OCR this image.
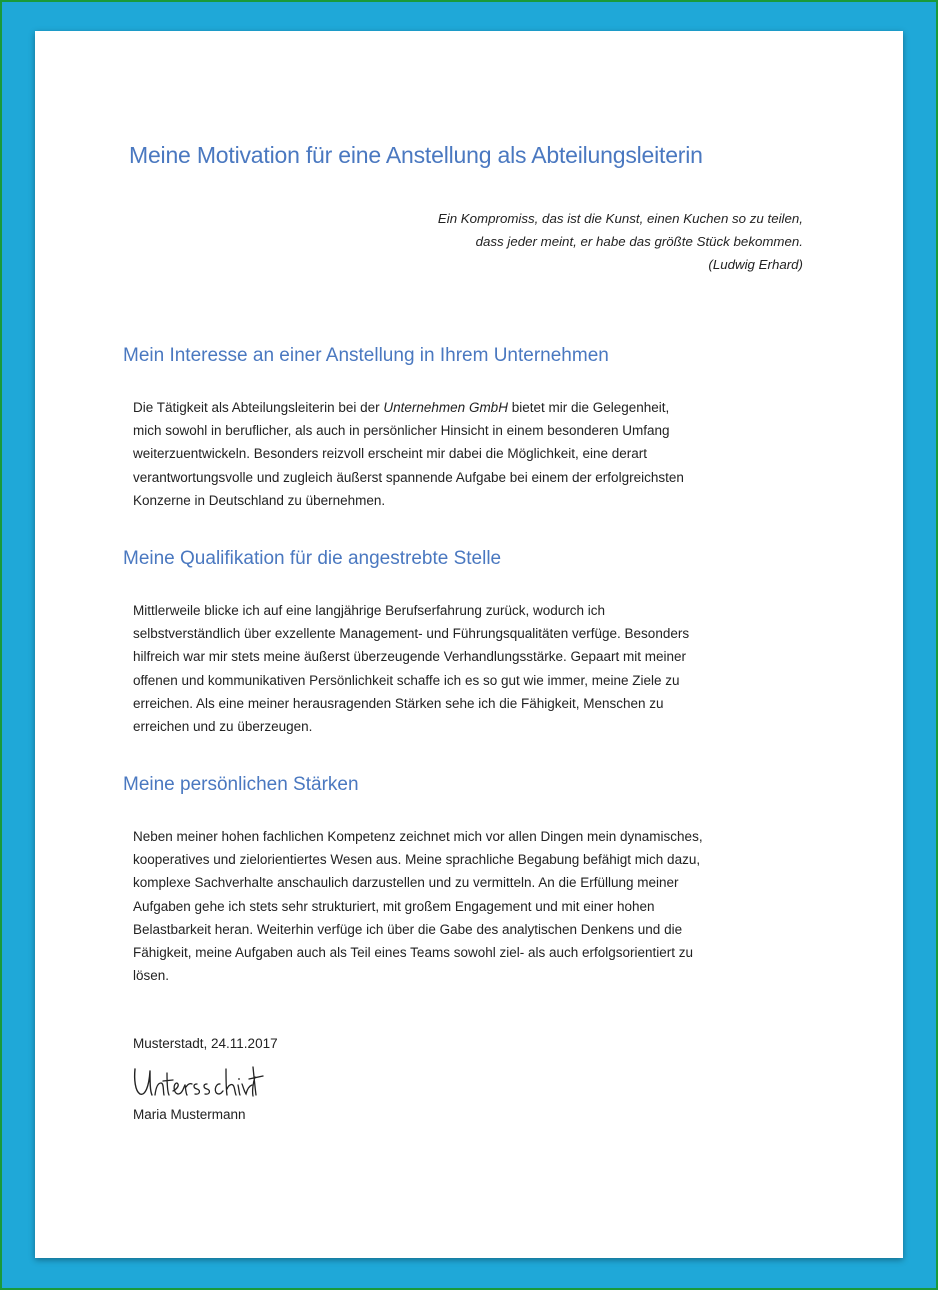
Meine Motivation für eine Anstellung als Abteilungsleiterin
Ein Kompromiss, das ist die Kunst, einen Kuchen so zu teilen,
dass jeder meint, er habe das größte Stück bekommen.
(Ludwig Erhard)
Mein Interesse an einer Anstellung in Ihrem Unternehmen
Die Tätigkeit als Abteilungsleiterin bei der Unternehmen GmbH bietet mir die Gelegenheit,
mich sowohl in beruflicher, als auch in persönlicher Hinsicht in einem besonderen Umfang
weiterzuentwickeln. Besonders reizvoll erscheint mir dabei die Möglichkeit, eine derart
verantwortungsvolle und zugleich äußerst spannende Aufgabe bei einem der erfolgreichsten
Konzerne in Deutschland zu übernehmen.
Meine Qualifikation für die angestrebte Stelle
Mittlerweile blicke ich auf eine langjährige Berufserfahrung zurück, wodurch ich
selbstverständlich über exzellente Management- und Führungsqualitäten verfüge. Besonders
hilfreich war mir stets meine äußerst überzeugende Verhandlungsstärke. Gepaart mit meiner
offenen und kommunikativen Persönlichkeit schaffe ich es so gut wie immer, meine Ziele zu
erreichen. Als eine meiner herausragenden Stärken sehe ich die Fähigkeit, Menschen zu
erreichen und zu überzeugen.
Meine persönlichen Stärken
Neben meiner hohen fachlichen Kompetenz zeichnet mich vor allen Dingen mein dynamisches,
kooperatives und zielorientiertes Wesen aus. Meine sprachliche Begabung befähigt mich dazu,
komplexe Sachverhalte anschaulich darzustellen und zu vermitteln. An die Erfüllung meiner
Aufgaben gehe ich stets sehr strukturiert, mit großem Engagement und mit einer hohen
Belastbarkeit heran. Weiterhin verfüge ich über die Gabe des analytischen Denkens und die
Fähigkeit, meine Aufgaben auch als Teil eines Teams sowohl ziel- als auch erfolgsorientiert zu
lösen.
Musterstadt, 24.11.2017
Maria Mustermann
